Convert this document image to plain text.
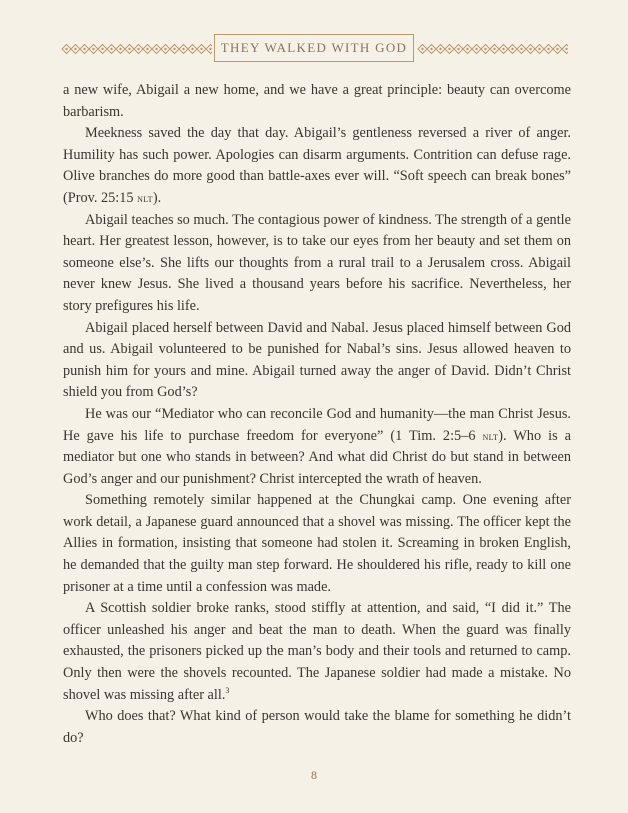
THEY WALKED WITH GOD

a new wife, Abigail a new home, and we have a great principle: beauty can overcome barbarism.

Meekness saved the day that day. Abigail’s gentleness reversed a river of anger. Humility has such power. Apologies can disarm arguments. Contrition can defuse rage. Olive branches do more good than battle-axes ever will. “Soft speech can break bones” (Prov. 25:15 nlt).

Abigail teaches so much. The contagious power of kindness. The strength of a gentle heart. Her greatest lesson, however, is to take our eyes from her beauty and set them on someone else’s. She lifts our thoughts from a rural trail to a Jerusalem cross. Abigail never knew Jesus. She lived a thousand years before his sacrifice. Nevertheless, her story prefigures his life.

Abigail placed herself between David and Nabal. Jesus placed himself between God and us. Abigail volunteered to be punished for Nabal’s sins. Jesus allowed heaven to punish him for yours and mine. Abigail turned away the anger of David. Didn’t Christ shield you from God’s?

He was our “Mediator who can reconcile God and humanity—the man Christ Jesus. He gave his life to purchase freedom for everyone” (1 Tim. 2:5–6 nlt). Who is a mediator but one who stands in between? And what did Christ do but stand in between God’s anger and our punishment? Christ intercepted the wrath of heaven.

Something remotely similar happened at the Chungkai camp. One evening after work detail, a Japanese guard announced that a shovel was missing. The officer kept the Allies in formation, insisting that someone had stolen it. Screaming in broken English, he demanded that the guilty man step forward. He shouldered his rifle, ready to kill one prisoner at a time until a confession was made.

A Scottish soldier broke ranks, stood stiffly at attention, and said, “I did it.” The officer unleashed his anger and beat the man to death. When the guard was finally exhausted, the prisoners picked up the man’s body and their tools and returned to camp. Only then were the shovels recounted. The Japanese soldier had made a mistake. No shovel was missing after all.$^3$

Who does that? What kind of person would take the blame for something he didn’t do?

8
